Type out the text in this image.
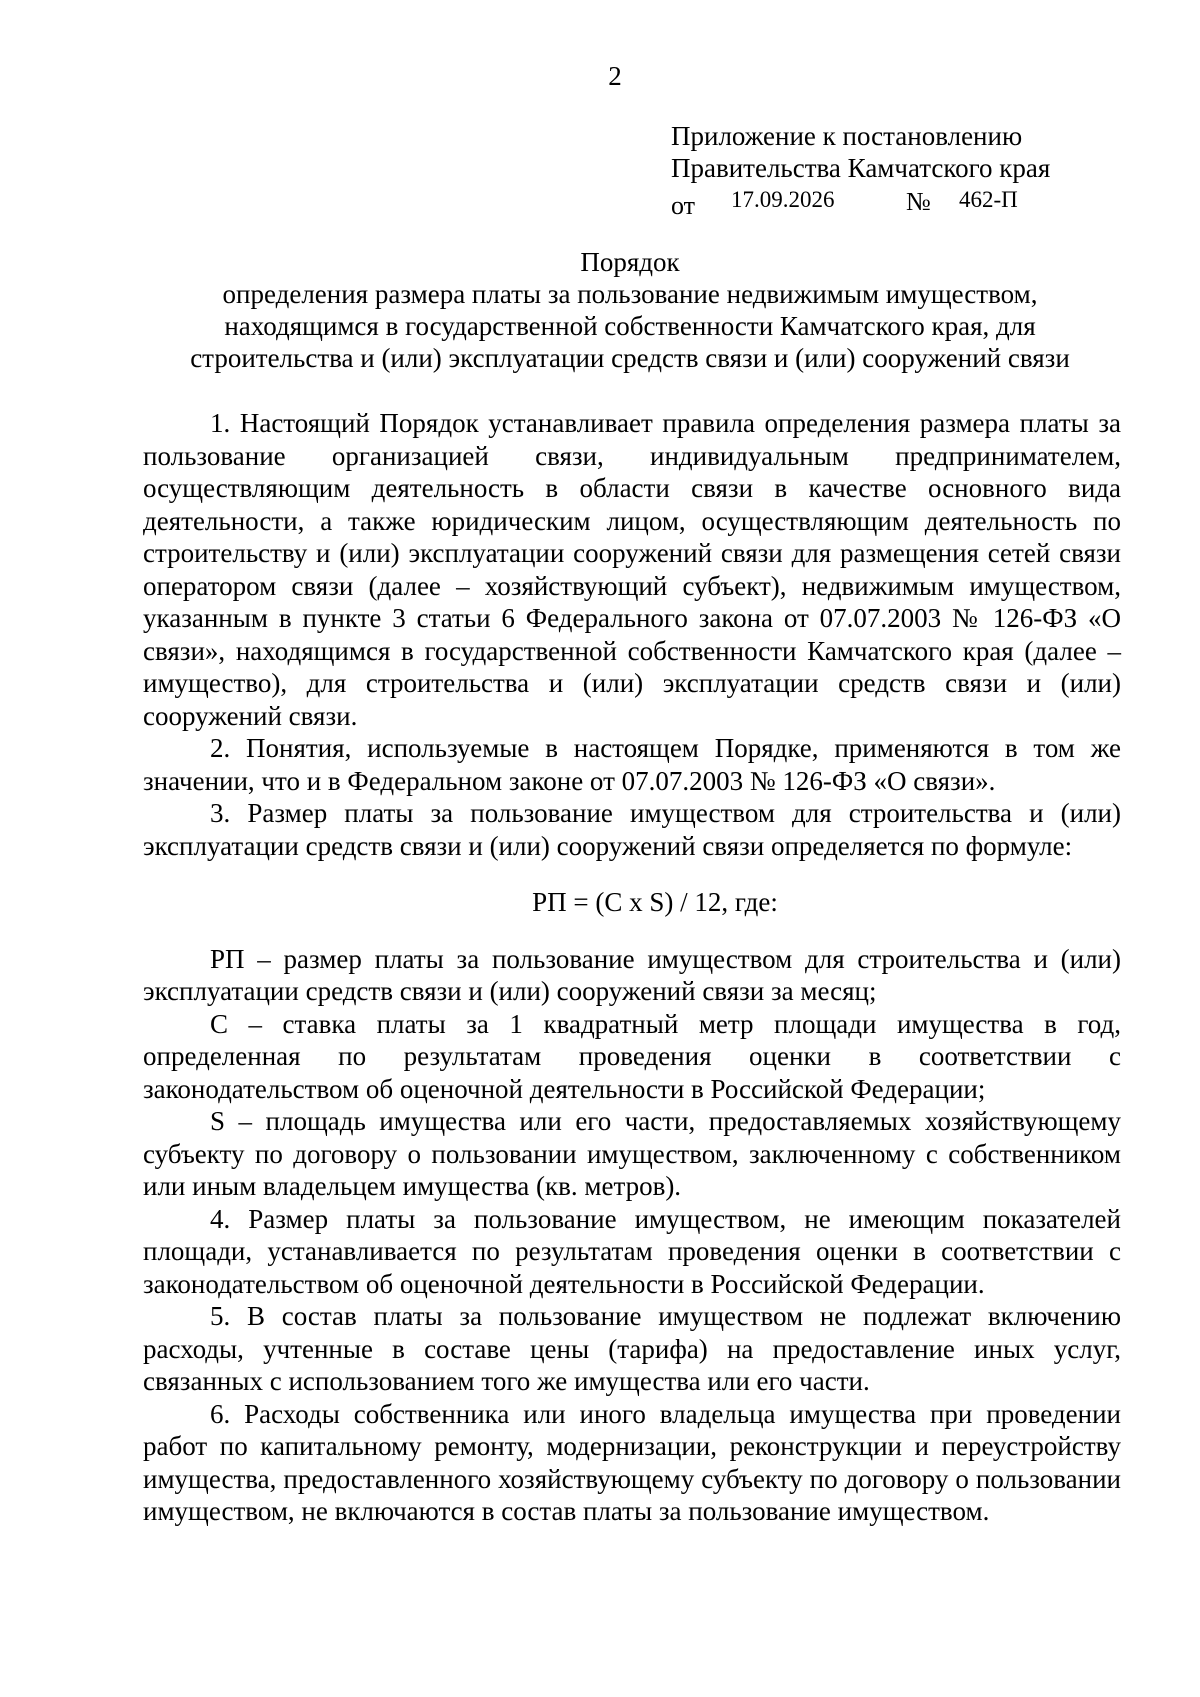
2
Приложение к постановлению
Правительства Камчатского края
от 17.09.2026	№ 462-П
Порядок
определения размера платы за пользование недвижимым имуществом,
находящимся в государственной собственности Камчатского края, для
строительства и (или) эксплуатации средств связи и (или) сооружений связи

1. Настоящий Порядок устанавливает правила определения размера платы за пользование организацией связи, индивидуальным предпринимателем, осуществляющим деятельность в области связи в качестве основного вида деятельности, а также юридическим лицом, осуществляющим деятельность по строительству и (или) эксплуатации сооружений связи для размещения сетей связи оператором связи (далее – хозяйствующий субъект), недвижимым имуществом, указанным в пункте 3 статьи 6 Федерального закона от 07.07.2003 № 126-ФЗ «О связи», находящимся в государственной собственности Камчатского края (далее – имущество), для строительства и (или) эксплуатации средств связи и (или) сооружений связи.

2. Понятия, используемые в настоящем Порядке, применяются в том же значении, что и в Федеральном законе от 07.07.2003 № 126-ФЗ «О связи».

3. Размер платы за пользование имуществом для строительства и (или) эксплуатации средств связи и (или) сооружений связи определяется по формуле:

РП = (C x S) / 12, где:

РП – размер платы за пользование имуществом для строительства и (или) эксплуатации средств связи и (или) сооружений связи за месяц;

С – ставка платы за 1 квадратный метр площади имущества в год, определенная по результатам проведения оценки в соответствии с законодательством об оценочной деятельности в Российской Федерации;

S – площадь имущества или его части, предоставляемых хозяйствующему субъекту по договору о пользовании имуществом, заключенному с собственником или иным владельцем имущества (кв. метров).

4. Размер платы за пользование имуществом, не имеющим показателей площади, устанавливается по результатам проведения оценки в соответствии с законодательством об оценочной деятельности в Российской Федерации.

5. В состав платы за пользование имуществом не подлежат включению расходы, учтенные в составе цены (тарифа) на предоставление иных услуг, связанных с использованием того же имущества или его части.

6. Расходы собственника или иного владельца имущества при проведении работ по капитальному ремонту, модернизации, реконструкции и переустройству имущества, предоставленного хозяйствующему субъекту по договору о пользовании имуществом, не включаются в состав платы за пользование имуществом.
